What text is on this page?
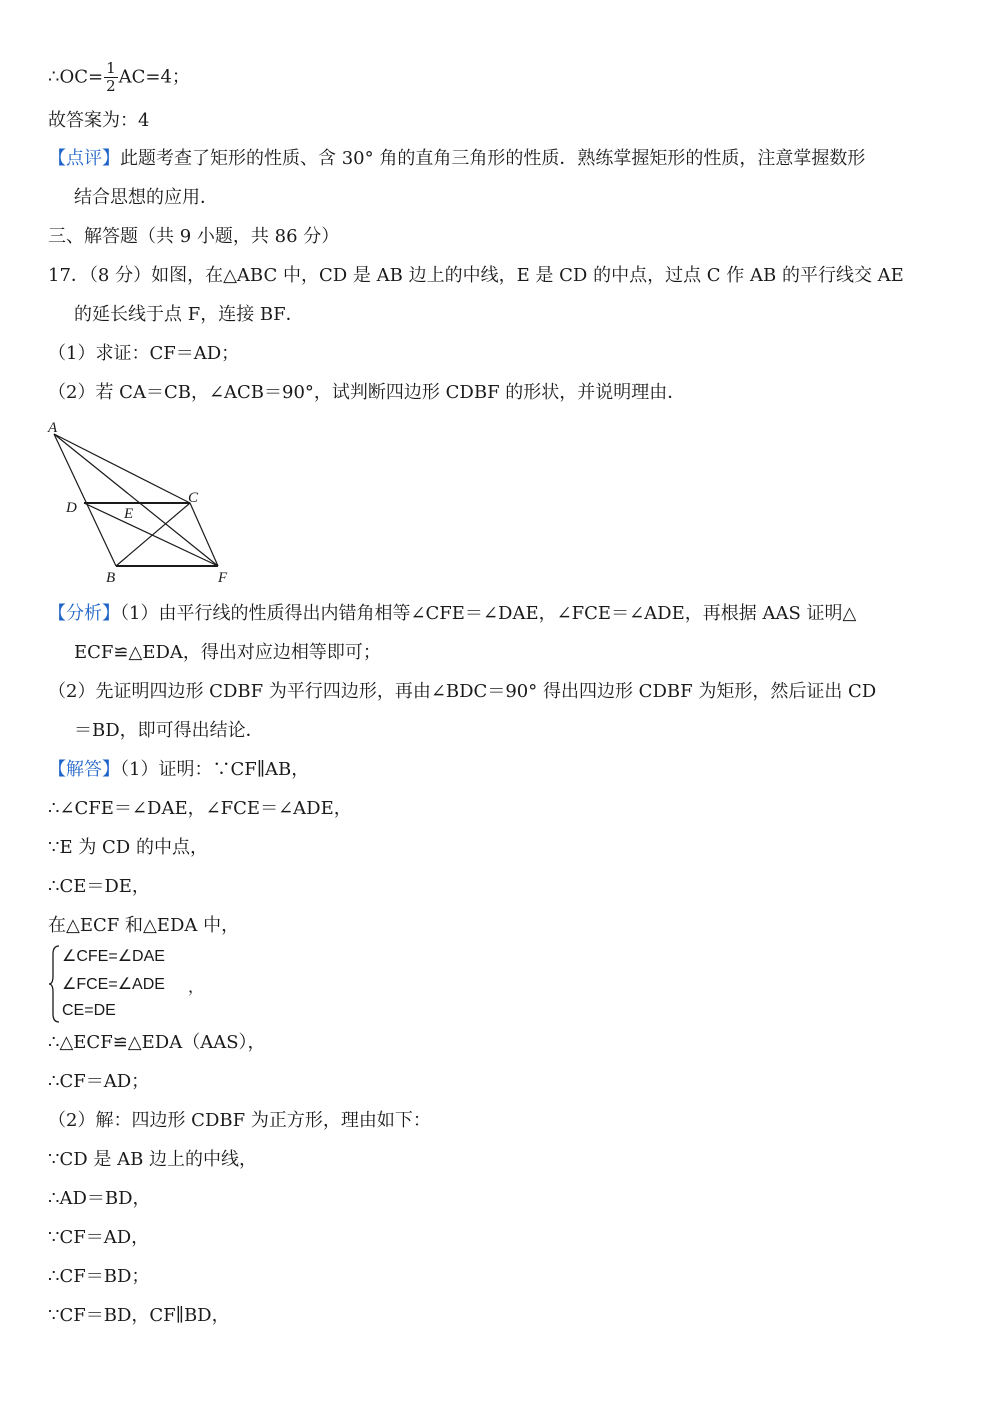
∴OC= $\frac{1}{2} AC=4$；
故答案为：4
【点评】此题考查了矩形的性质、含 30° 角的直角三角形的性质．熟练掌握矩形的性质，注意掌握数形
结合思想的应用．
三、解答题（共 9 小题，共 86 分）
17．（8 分）如图，在△ABC 中，CD 是 AB 边上的中线，E 是 CD 的中点，过点 C 作 AB 的平行线交 AE
的延长线于点 F，连接 BF．
（1）求证：CF＝AD；
（2）若 CA＝CB，∠ACB＝90°，试判断四边形 CDBF 的形状，并说明理由．
A
D	E
C
B	F
【分析】（1）由平行线的性质得出内错角相等∠CFE＝∠DAE，∠FCE＝∠ADE，再根据 AAS 证明△
ECF≌△EDA，得出对应边相等即可；
（2）先证明四边形 CDBF 为平行四边形，再由∠BDC＝90° 得出四边形 CDBF 为矩形，然后证出 CD
＝BD，即可得出结论．
【解答】（1）证明：∵CF∥AB，
∴∠CFE＝∠DAE，∠FCE＝∠ADE，
∵E 为 CD 的中点，
∴CE＝DE，
在△ECF 和△EDA 中，
∠CFE=∠DAE
∠FCE=∠ADE
CE=DE
，
∴△ECF≌△EDA（AAS），
∴CF＝AD；
（2）解：四边形 CDBF 为正方形，理由如下：
∵CD 是 AB 边上的中线，
∴AD＝BD，
∵CF＝AD，
∴CF＝BD；
∵CF＝BD，CF∥BD，
